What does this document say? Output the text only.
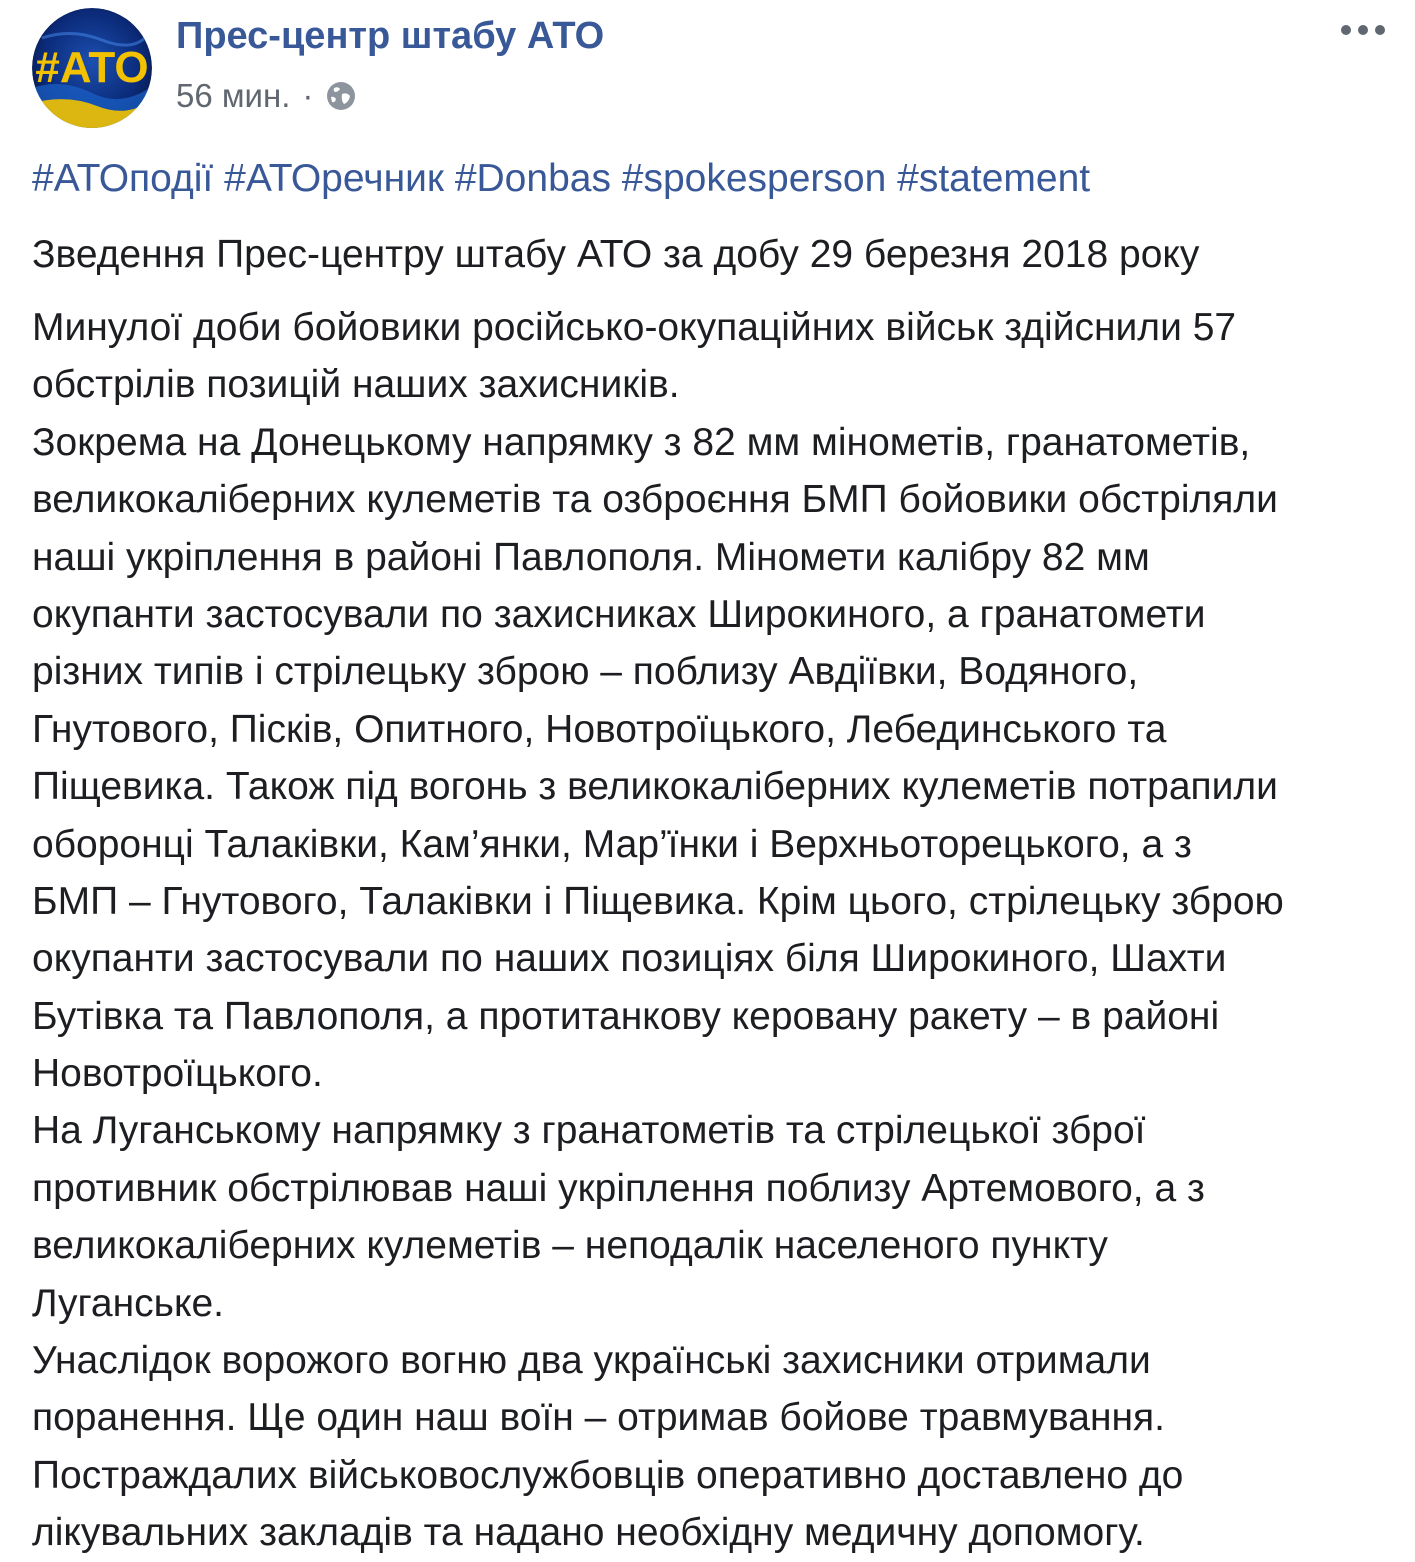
#ATO
Прес-центр штабу АТО
56 мин. ·
#АТОподії #АТОречник #Donbas #spokesperson #statement
Зведення Прес-центру штабу АТО за добу 29 березня 2018 року
Минулої доби бойовики російсько-окупаційних військ здійснили 57
обстрілів позицій наших захисників.
Зокрема на Донецькому напрямку з 82 мм мінометів, гранатометів,
великокаліберних кулеметів та озброєння БМП бойовики обстріляли
наші укріплення в районі Павлополя. Міномети калібру 82 мм
окупанти застосували по захисниках Широкиного, а гранатомети
різних типів і стрілецьку зброю – поблизу Авдіївки, Водяного,
Гнутового, Пісків, Опитного, Новотроїцького, Лебединського та
Піщевика. Також під вогонь з великокаліберних кулеметів потрапили
оборонці Талаківки, Кам’янки, Мар’їнки і Верхньоторецького, а з
БМП – Гнутового, Талаківки і Піщевика. Крім цього, стрілецьку зброю
окупанти застосували по наших позиціях біля Широкиного, Шахти
Бутівка та Павлополя, а протитанкову керовану ракету – в районі
Новотроїцького.
На Луганському напрямку з гранатометів та стрілецької зброї
противник обстрілював наші укріплення поблизу Артемового, а з
великокаліберних кулеметів – неподалік населеного пункту
Луганське.
Унаслідок ворожого вогню два українські захисники отримали
поранення. Ще один наш воїн – отримав бойове травмування.
Постраждалих військовослужбовців оперативно доставлено до
лікувальних закладів та надано необхідну медичну допомогу.
